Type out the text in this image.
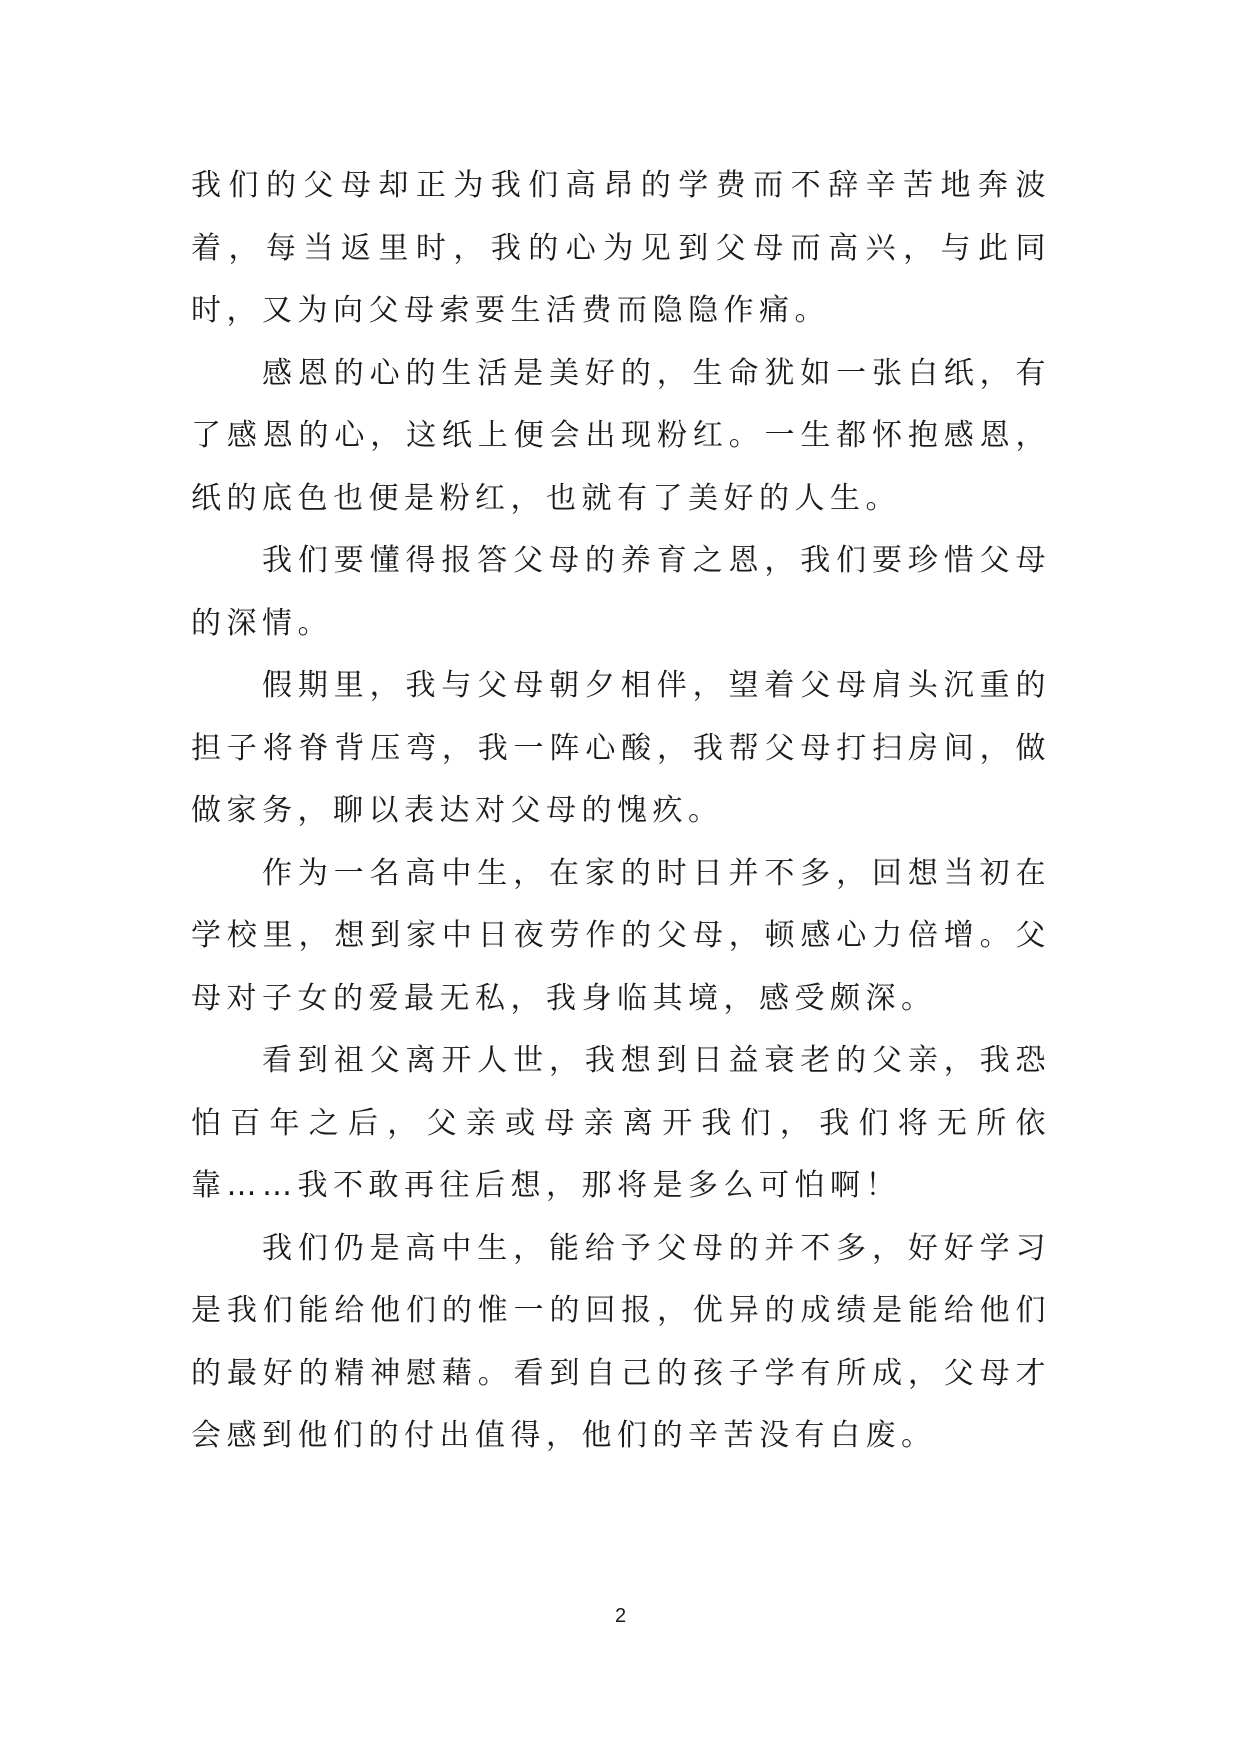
我们的父母却正为我们高昂的学费而不辞辛苦地奔波着，每当返里时，我的心为见到父母而高兴，与此同时，又为向父母索要生活费而隐隐作痛。

感恩的心的生活是美好的，生命犹如一张白纸，有了感恩的心，这纸上便会出现粉红。一生都怀抱感恩，纸的底色也便是粉红，也就有了美好的人生。

我们要懂得报答父母的养育之恩，我们要珍惜父母的深情。

假期里，我与父母朝夕相伴，望着父母肩头沉重的担子将脊背压弯，我一阵心酸，我帮父母打扫房间，做做家务，聊以表达对父母的愧疚。

作为一名高中生，在家的时日并不多，回想当初在学校里，想到家中日夜劳作的父母，顿感心力倍增。父母对子女的爱最无私，我身临其境，感受颇深。

看到祖父离开人世，我想到日益衰老的父亲，我恐怕百年之后，父亲或母亲离开我们，我们将无所依靠……我不敢再往后想，那将是多么可怕啊！

我们仍是高中生，能给予父母的并不多，好好学习是我们能给他们的惟一的回报，优异的成绩是能给他们的最好的精神慰藉。看到自己的孩子学有所成，父母才会感到他们的付出值得，他们的辛苦没有白废。

2
